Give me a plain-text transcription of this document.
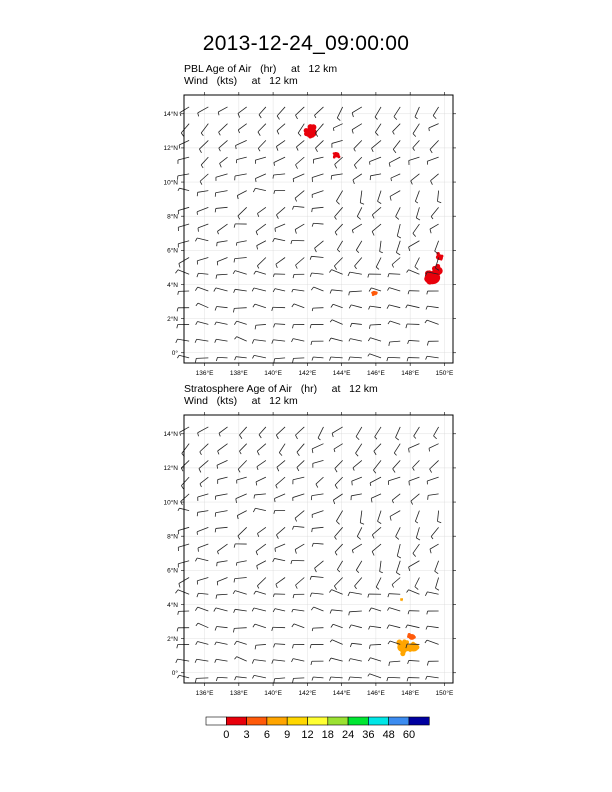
2013-12-24_09:00:00
PBL Age of Air   (hr)     at   12 km
Wind   (kts)     at   12 km
Stratosphere Age of Air   (hr)     at   12 km
Wind   (kts)     at   12 km
136°E	138°E	140°E	142°E	144°E	146°E	148°E	150°E
0°
2°N
4°N
6°N
8°N
10°N
12°N
14°N
136°E	138°E	140°E	142°E	144°E	146°E	148°E	150°E
0°
2°N
4°N
6°N
8°N
10°N
12°N
14°N
0 3 6 9 12 18 24 36 48 60
